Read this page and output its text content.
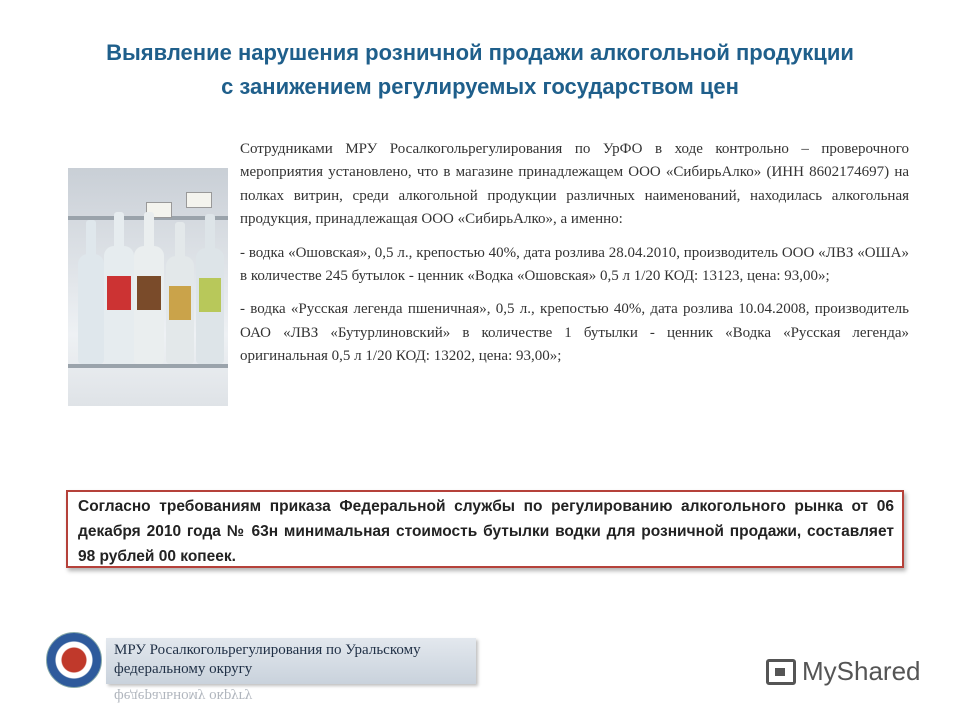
Выявление нарушения розничной продажи алкогольной продукции
с занижением регулируемых государством цен

Сотрудниками МРУ Росалкогольрегулирования по УрФО в ходе контрольно – проверочного мероприятия установлено, что в магазине принадлежащем ООО «СибирьАлко» (ИНН 8602174697) на полках витрин, среди алкогольной продукции различных наименований, находилась алкогольная продукция, принадлежащая ООО «СибирьАлко», а именно:

- водка «Ошовская», 0,5 л., крепостью 40%, дата розлива 28.04.2010, производитель ООО «ЛВЗ «ОША» в количестве 245 бутылок - ценник «Водка «Ошовская» 0,5 л 1/20 КОД: 13123, цена: 93,00»;

- водка «Русская легенда пшеничная», 0,5 л., крепостью 40%, дата розлива 10.04.2008, производитель ОАО «ЛВЗ «Бутурлиновский» в количестве 1 бутылки - ценник «Водка «Русская легенда» оригинальная 0,5 л 1/20 КОД: 13202, цена: 93,00»;

Согласно требованиям приказа Федеральной службы по регулированию алкогольного рынка от 06 декабря 2010 года № 63н минимальная стоимость бутылки водки для розничной продажи, составляет 98 рублей 00 копеек.
МРУ Росалкогольрегулирования по Уральскому федеральному округу
федеральному округу
MyShared
